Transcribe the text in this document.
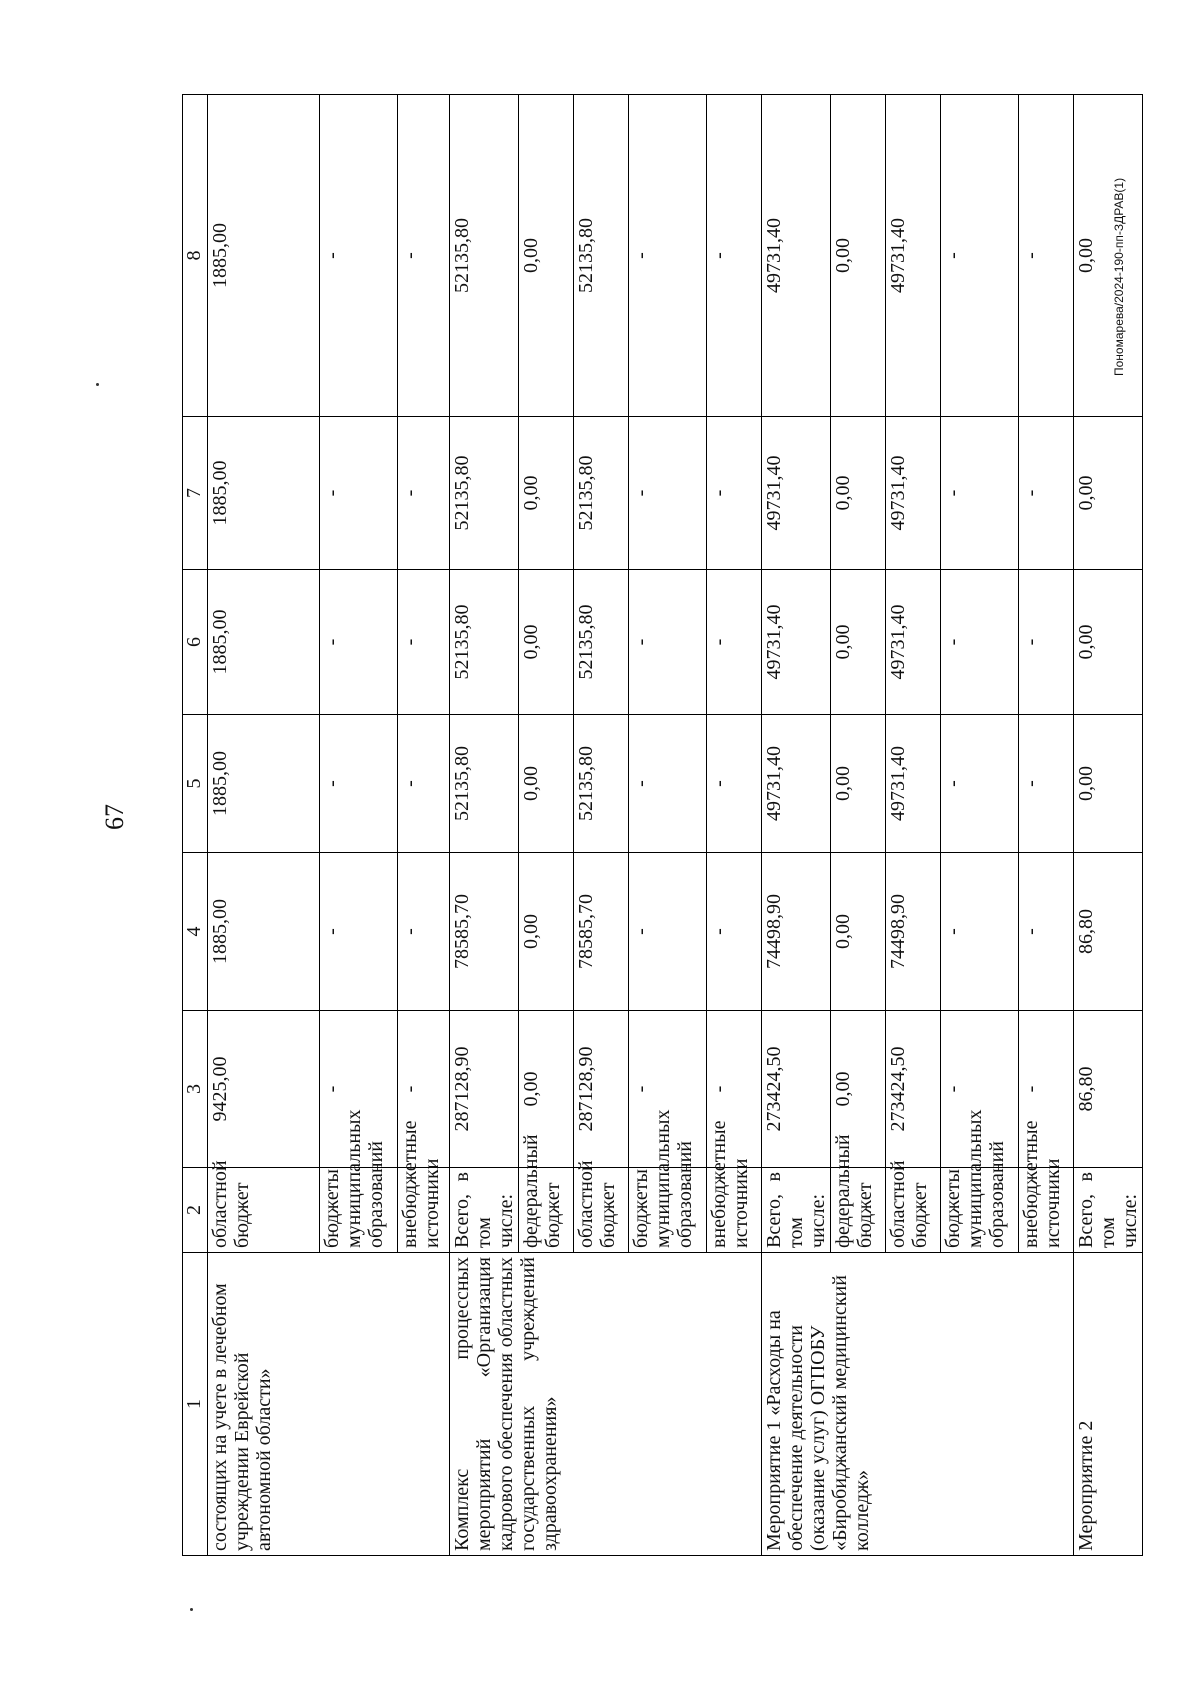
67
Пономарева/2024-190-пп-ЗДРАВ(1)
1	2	3	4	5	6	7	8
состоящих на учете в лечебном учреждении Еврейской автономной области»	областной бюджет	9425,00	1885,00	1885,00	1885,00	1885,00	1885,00
	бюджеты муниципальных образований	-	-	-	-	-	-
	внебюджетные источники	-	-	-	-	-	-
Комплекс процессных мероприятий «Организация кадрового обеспечения областных государственных учреждений здравоохранения»	Всего, в том числе:	287128,90	78585,70	52135,80	52135,80	52135,80	52135,80
	федеральный бюджет	0,00	0,00	0,00	0,00	0,00	0,00
	областной бюджет	287128,90	78585,70	52135,80	52135,80	52135,80	52135,80
	бюджеты муниципальных образований	-	-	-	-	-	-
	внебюджетные источники	-	-	-	-	-	-
Мероприятие 1 «Расходы на обеспечение деятельности (оказание услуг) ОГПОБУ «Биробиджанский медицинский колледж»	Всего, в том числе:	273424,50	74498,90	49731,40	49731,40	49731,40	49731,40
	федеральный бюджет	0,00	0,00	0,00	0,00	0,00	0,00
	областной бюджет	273424,50	74498,90	49731,40	49731,40	49731,40	49731,40
	бюджеты муниципальных образований	-	-	-	-	-	-
	внебюджетные источники	-	-	-	-	-	-
Мероприятие 2	Всего, в том числе:	86,80	86,80	0,00	0,00	0,00	0,00
